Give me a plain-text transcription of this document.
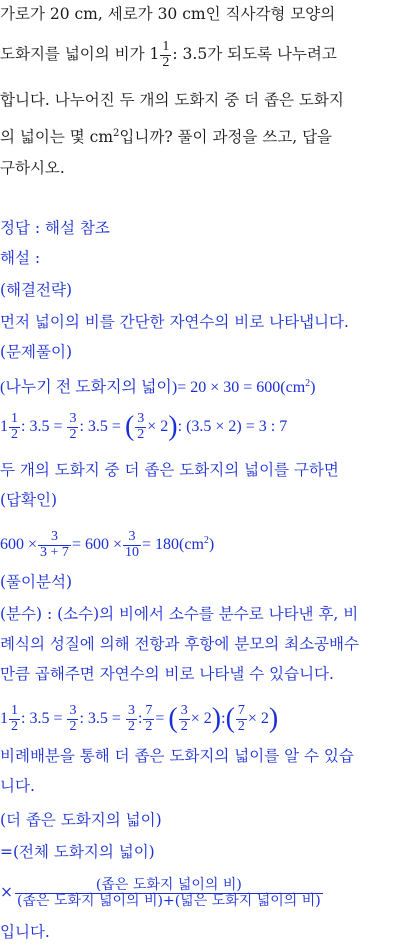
가로가 20 cm, 세로가 30 cm인 직사각형 모양의
도화지를 넓이의 비가 $1 \frac{1}{2}$ : 3.5가 되도록 나누려고
합니다. 나누어진 두 개의 도화지 중 더 좁은 도화지
의 넓이는 몇 $cm^2$입니까? 풀이 과정을 쓰고, 답을
구하시오.
정답 : 해설 참조
해설 :
(해결전략)
먼저 넓이의 비를 간단한 자연수의 비로 나타냅니다.
(문제풀이)
(나누기 전 도화지의 넓이)= $20 \times 30 = 600(cm^2)$
$1 \frac{1}{2}$ : $3.5 = \frac{3}{2}$ : 3.5 = ( $\frac{3}{2} \times 2$): (3.5 × 2) = 3 : 7
두 개의 도화지 중 더 좁은 도화지의 넓이를 구하면
(답확인)
$600 \times \frac{3}{3 + 7} = 600 \times \frac{3}{10} = 180(cm^2)$
(풀이분석)
(분수) : (소수)의 비에서 소수를 분수로 나타낸 후, 비
례식의 성질에 의해 전항과 후항에 분모의 최소공배수
만큼 곱해주면 자연수의 비로 나타낼 수 있습니다.
$1 \frac{1}{2}$ : $3.5 = \frac{3}{2}$ : $3.5 = \frac{3}{2}$ : $\frac{7}{2}$ = ( $\frac{3}{2}$ × 2):( $\frac{7}{2} \times 2$)
비례배분을 통해 더 좁은 도화지의 넓이를 알 수 있습
니다.
(더 좁은 도화지의 넓이)
=(전체 도화지의 넓이)
× $\frac{\text{(좁은 도화지 넓이의 비)}}{\text{(좁은 도화지 넓이의 비)+(넓은 도화지 넓이의 비)}}$
입니다.
